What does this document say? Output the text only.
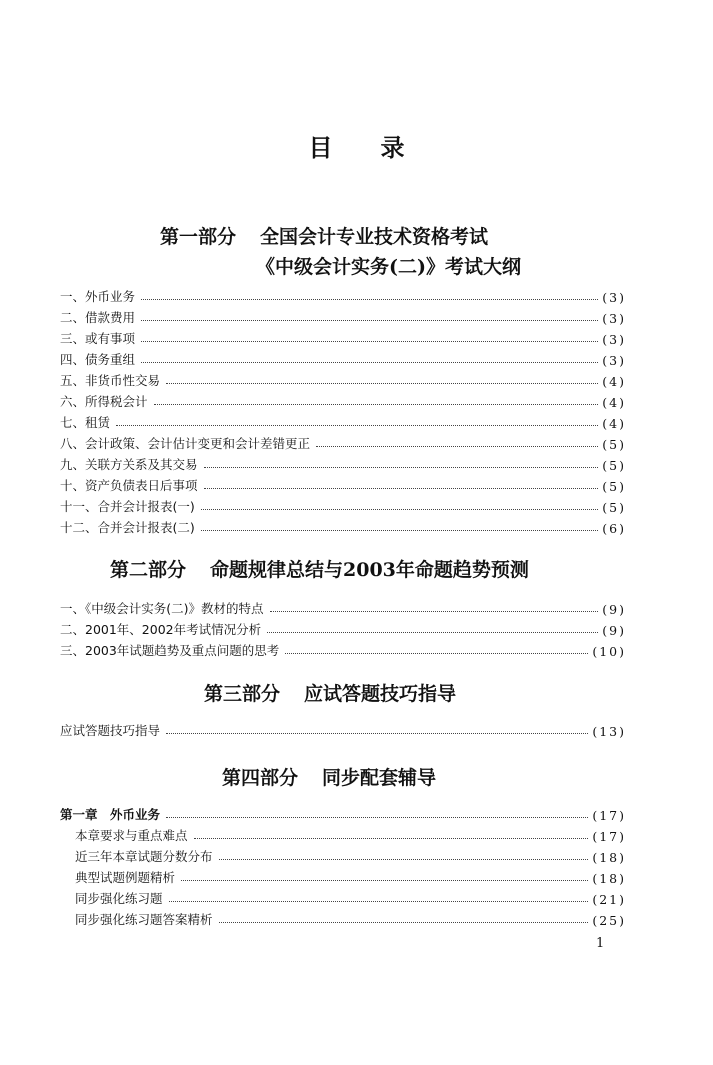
目 录
第一部分 全国会计专业技术资格考试
《中级会计实务(二)》考试大纲
一、外币业务	(3)
二、借款费用	(3)
三、或有事项	(3)
四、债务重组	(3)
五、非货币性交易	(4)
六、所得税会计	(4)
七、租赁	(4)
八、会计政策、会计估计变更和会计差错更正	(5)
九、关联方关系及其交易	(5)
十、资产负债表日后事项	(5)
十一、合并会计报表(一)	(5)
十二、合并会计报表(二)	(6)
第二部分 命题规律总结与2003年命题趋势预测
一、《中级会计实务(二)》教材的特点	(9)
二、2001年、2002年考试情况分析	(9)
三、2003年试题趋势及重点问题的思考	(10)
第三部分 应试答题技巧指导
应试答题技巧指导	(13)
第四部分 同步配套辅导
第一章　外币业务	(17)
本章要求与重点难点	(17)
近三年本章试题分数分布	(18)
典型试题例题精析	(18)
同步强化练习题	(21)
同步强化练习题答案精析	(25)
1
